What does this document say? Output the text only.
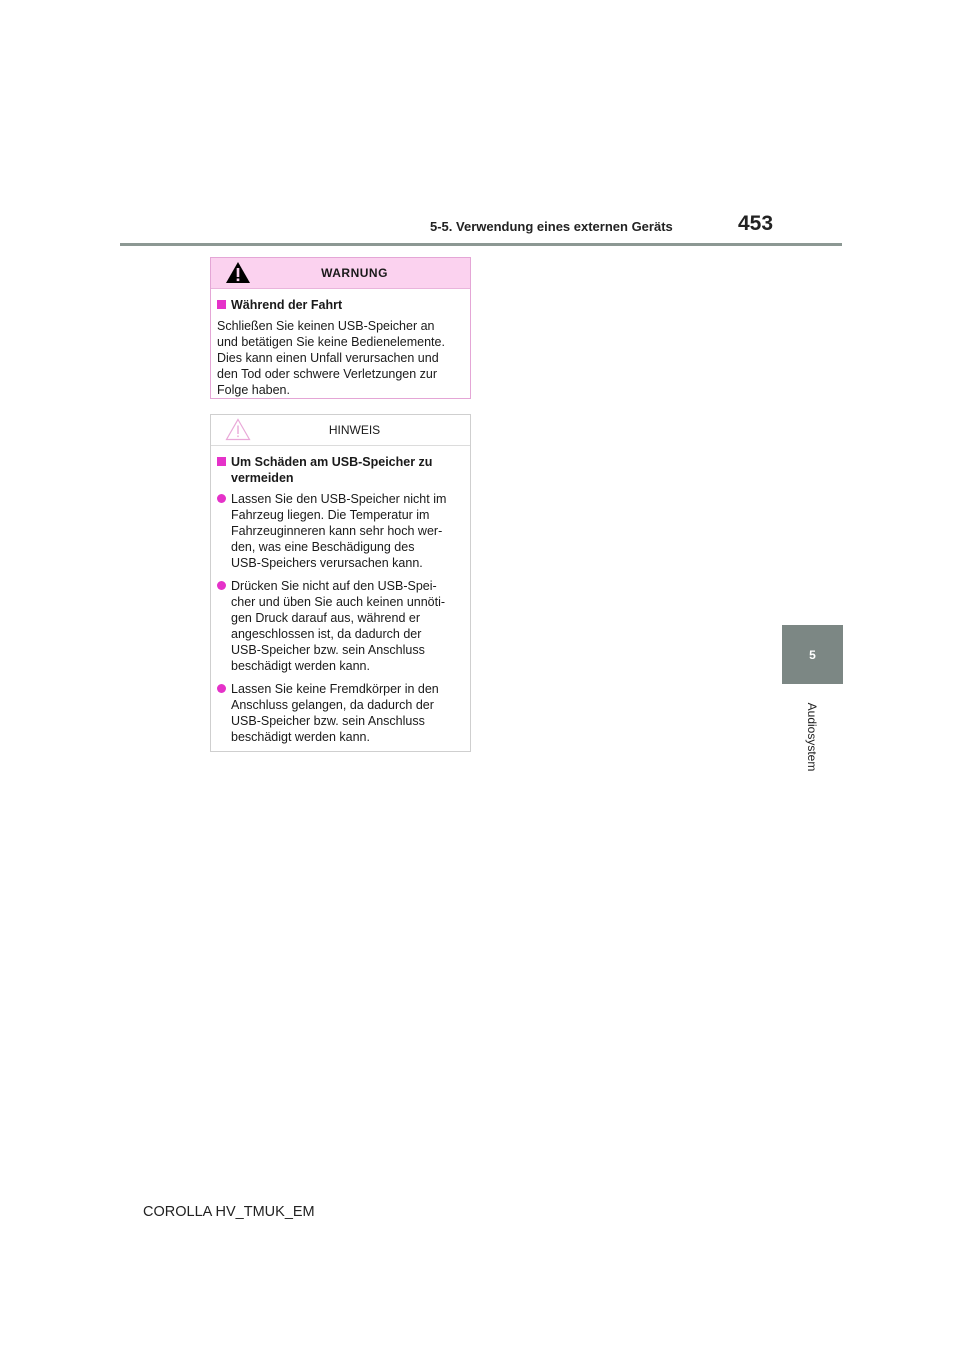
5-5. Verwendung eines externen Geräts	453
5
Audiosystem
WARNUNG
Während der Fahrt

Schließen Sie keinen USB-Speicher an
und betätigen Sie keine Bedienelemente.
Dies kann einen Unfall verursachen und
den Tod oder schwere Verletzungen zur
Folge haben.

HINWEIS
Um Schäden am USB-Speicher zu
vermeiden
Lassen Sie den USB-Speicher nicht im
Fahrzeug liegen. Die Temperatur im
Fahrzeuginneren kann sehr hoch wer-
den, was eine Beschädigung des
USB-Speichers verursachen kann.
Drücken Sie nicht auf den USB-Spei-
cher und üben Sie auch keinen unnöti-
gen Druck darauf aus, während er
angeschlossen ist, da dadurch der
USB-Speicher bzw. sein Anschluss
beschädigt werden kann.
Lassen Sie keine Fremdkörper in den
Anschluss gelangen, da dadurch der
USB-Speicher bzw. sein Anschluss
beschädigt werden kann.
COROLLA HV_TMUK_EM
